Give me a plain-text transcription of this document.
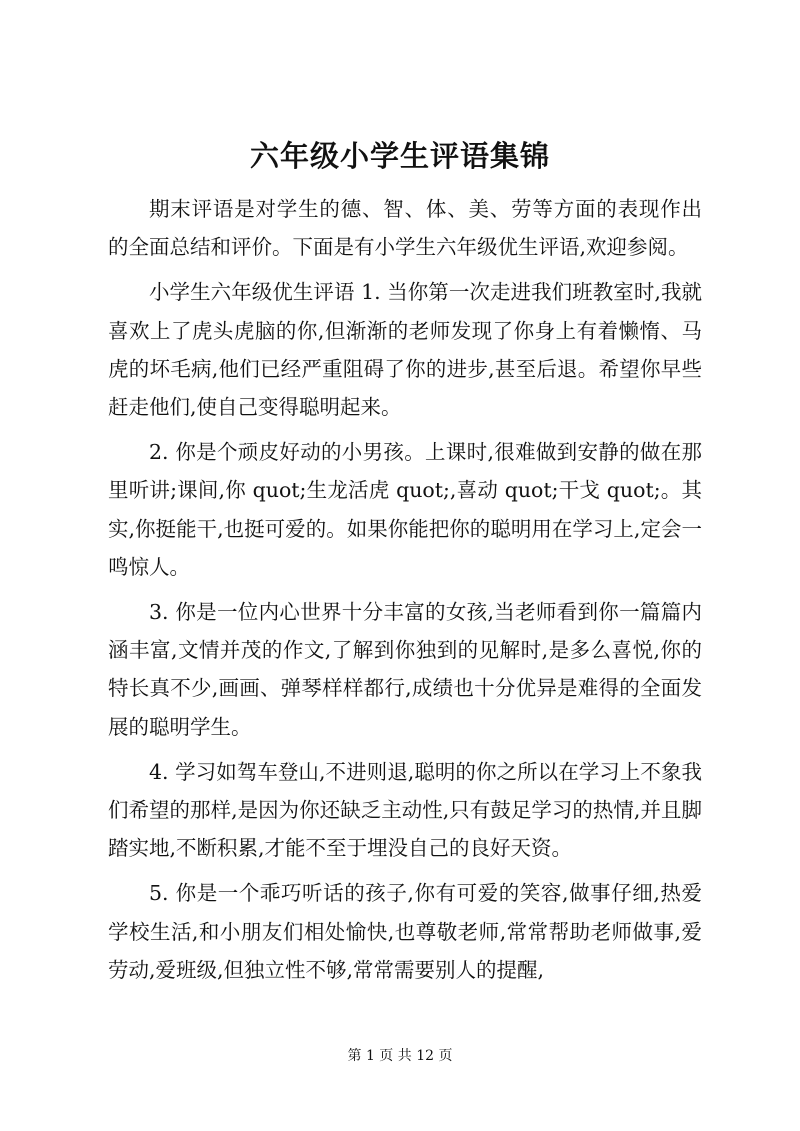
六年级小学生评语集锦

期末评语是对学生的德、智、体、美、劳等方面的表现作出的全面总结和评价。下面是有小学生六年级优生评语,欢迎参阅。

小学生六年级优生评语 1. 当你第一次走进我们班教室时,我就喜欢上了虎头虎脑的你,但渐渐的老师发现了你身上有着懒惰、马虎的坏毛病,他们已经严重阻碍了你的进步,甚至后退。希望你早些赶走他们,使自己变得聪明起来。

2. 你是个顽皮好动的小男孩。上课时,很难做到安静的做在那里听讲;课间,你 quot;生龙活虎 quot;,喜动 quot;干戈 quot;。其实,你挺能干,也挺可爱的。如果你能把你的聪明用在学习上,定会一鸣惊人。

3. 你是一位内心世界十分丰富的女孩,当老师看到你一篇篇内涵丰富,文情并茂的作文,了解到你独到的见解时,是多么喜悦,你的特长真不少,画画、弹琴样样都行,成绩也十分优异是难得的全面发展的聪明学生。

4. 学习如驾车登山,不进则退,聪明的你之所以在学习上不象我们希望的那样,是因为你还缺乏主动性,只有鼓足学习的热情,并且脚踏实地,不断积累,才能不至于埋没自己的良好天资。

5. 你是一个乖巧听话的孩子,你有可爱的笑容,做事仔细,热爱学校生活,和小朋友们相处愉快,也尊敬老师,常常帮助老师做事,爱劳动,爱班级,但独立性不够,常常需要别人的提醒,

第 1 页 共 12 页
